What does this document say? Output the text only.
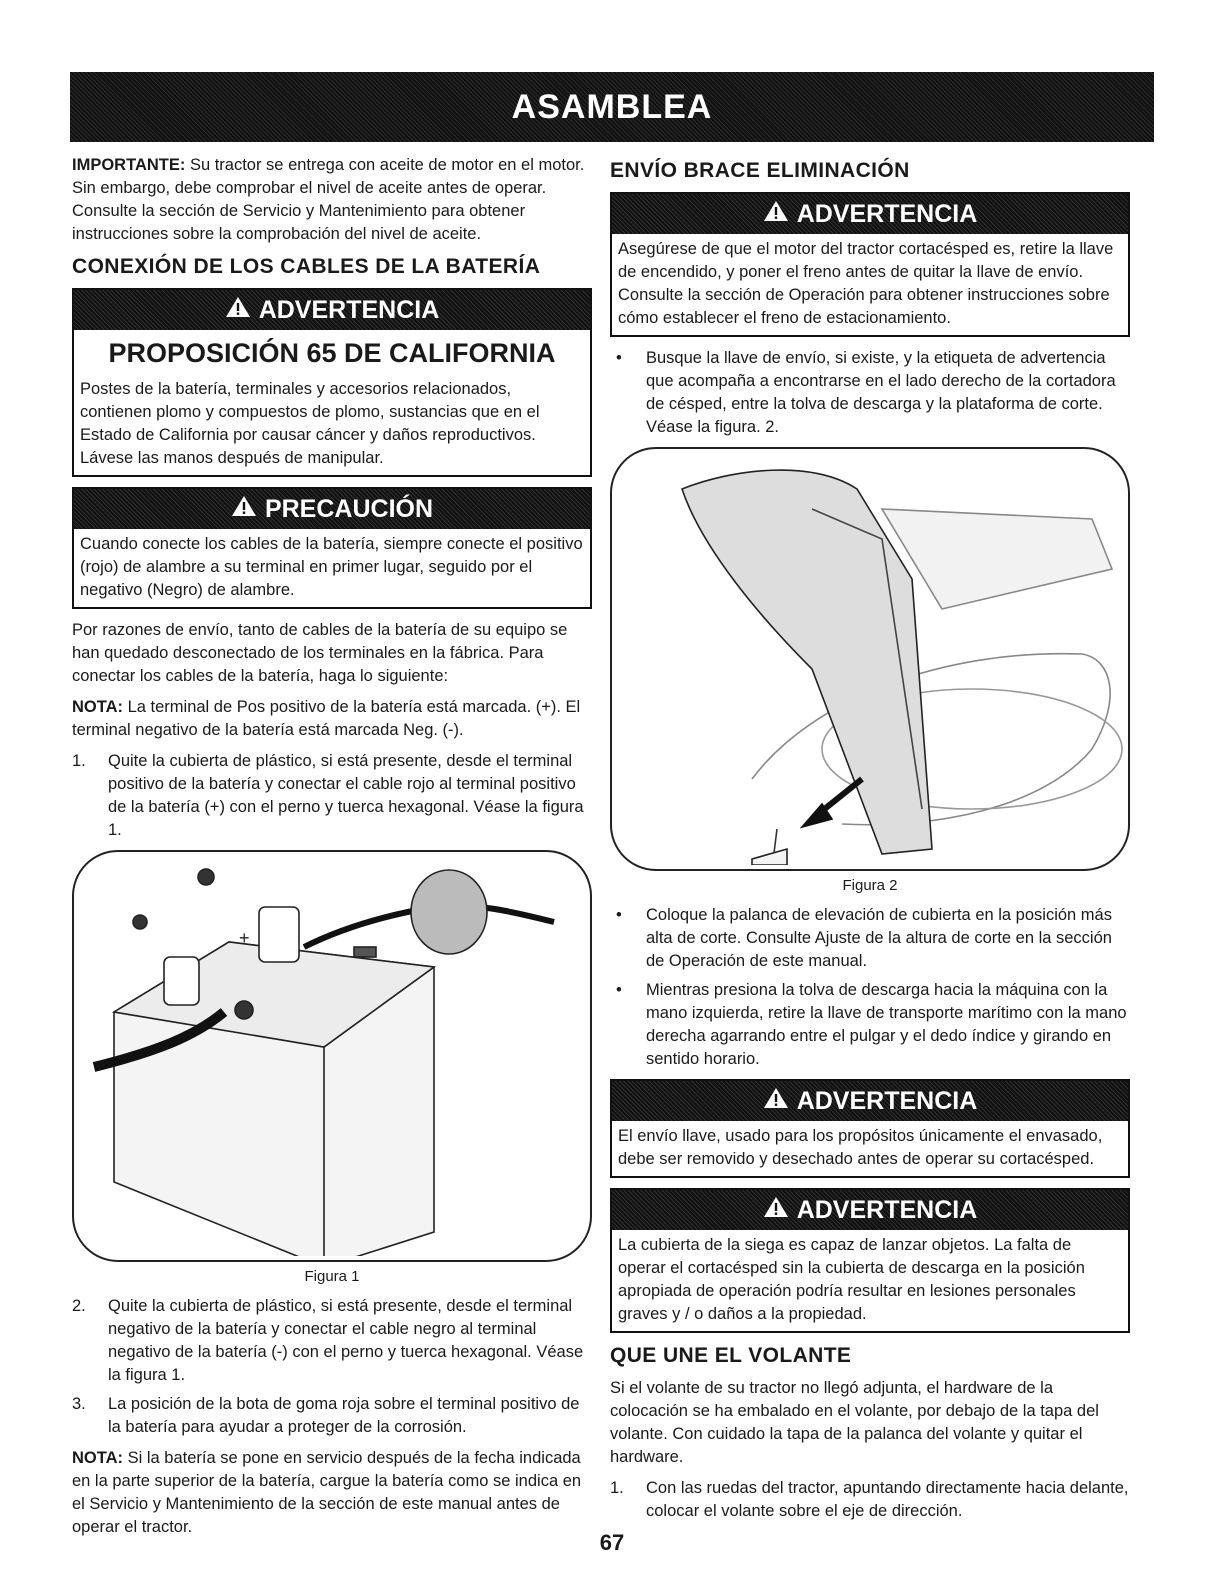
ASAMBLEA

IMPORTANTE: Su tractor se entrega con aceite de motor en el motor. Sin embargo, debe comprobar el nivel de aceite antes de operar. Consulte la sección de Servicio y Mantenimiento para obtener instrucciones sobre la comprobación del nivel de aceite.

CONEXIÓN DE LOS CABLES DE LA BATERÍA
ADVERTENCIA
PROPOSICIÓN 65 DE CALIFORNIA
Postes de la batería, terminales y accesorios relacionados, contienen plomo y compuestos de plomo, sustancias que en el Estado de California por causar cáncer y daños reproductivos. Lávese las manos después de manipular.
PRECAUCIÓN
Cuando conecte los cables de la batería, siempre conecte el positivo (rojo) de alambre a su terminal en primer lugar, seguido por el negativo (Negro) de alambre.

Por razones de envío, tanto de cables de la batería de su equipo se han quedado desconectado de los terminales en la fábrica. Para conectar los cables de la batería, haga lo siguiente:

NOTA: La terminal de Pos positivo de la batería está marcada. (+). El terminal negativo de la batería está marcada Neg. (-).

1. Quite la cubierta de plástico, si está presente, desde el terminal positivo de la batería y conectar el cable rojo al terminal positivo de la batería (+) con el perno y tuerca hexagonal. Véase la figura 1.
+
Figura 1
2. Quite la cubierta de plástico, si está presente, desde el terminal negativo de la batería y conectar el cable negro al terminal negativo de la batería (-) con el perno y tuerca hexagonal. Véase la figura 1.
3. La posición de la bota de goma roja sobre el terminal positivo de la batería para ayudar a proteger de la corrosión.

NOTA: Si la batería se pone en servicio después de la fecha indicada en la parte superior de la batería, cargue la batería como se indica en el Servicio y Mantenimiento de la sección de este manual antes de operar el tractor.

ENVÍO BRACE ELIMINACIÓN
ADVERTENCIA
Asegúrese de que el motor del tractor cortacésped es, retire la llave de encendido, y poner el freno antes de quitar la llave de envío. Consulte la sección de Operación para obtener instrucciones sobre cómo establecer el freno de estacionamiento.
• Busque la llave de envío, si existe, y la etiqueta de advertencia que acompaña a encontrarse en el lado derecho de la cortadora de césped, entre la tolva de descarga y la plataforma de corte. Véase la figura. 2.
Figura 2
• Coloque la palanca de elevación de cubierta en la posición más alta de corte. Consulte Ajuste de la altura de corte en la sección de Operación de este manual.
• Mientras presiona la tolva de descarga hacia la máquina con la mano izquierda, retire la llave de transporte marítimo con la mano derecha agarrando entre el pulgar y el dedo índice y girando en sentido horario.
ADVERTENCIA
El envío llave, usado para los propósitos únicamente el envasado, debe ser removido y desechado antes de operar su cortacésped.
ADVERTENCIA
La cubierta de la siega es capaz de lanzar objetos. La falta de operar el cortacésped sin la cubierta de descarga en la posición apropiada de operación podría resultar en lesiones personales graves y / o daños a la propiedad.
QUE UNE EL VOLANTE

Si el volante de su tractor no llegó adjunta, el hardware de la colocación se ha embalado en el volante, por debajo de la tapa del volante. Con cuidado la tapa de la palanca del volante y quitar el hardware.

1. Con las ruedas del tractor, apuntando directamente hacia delante, colocar el volante sobre el eje de dirección.
67
